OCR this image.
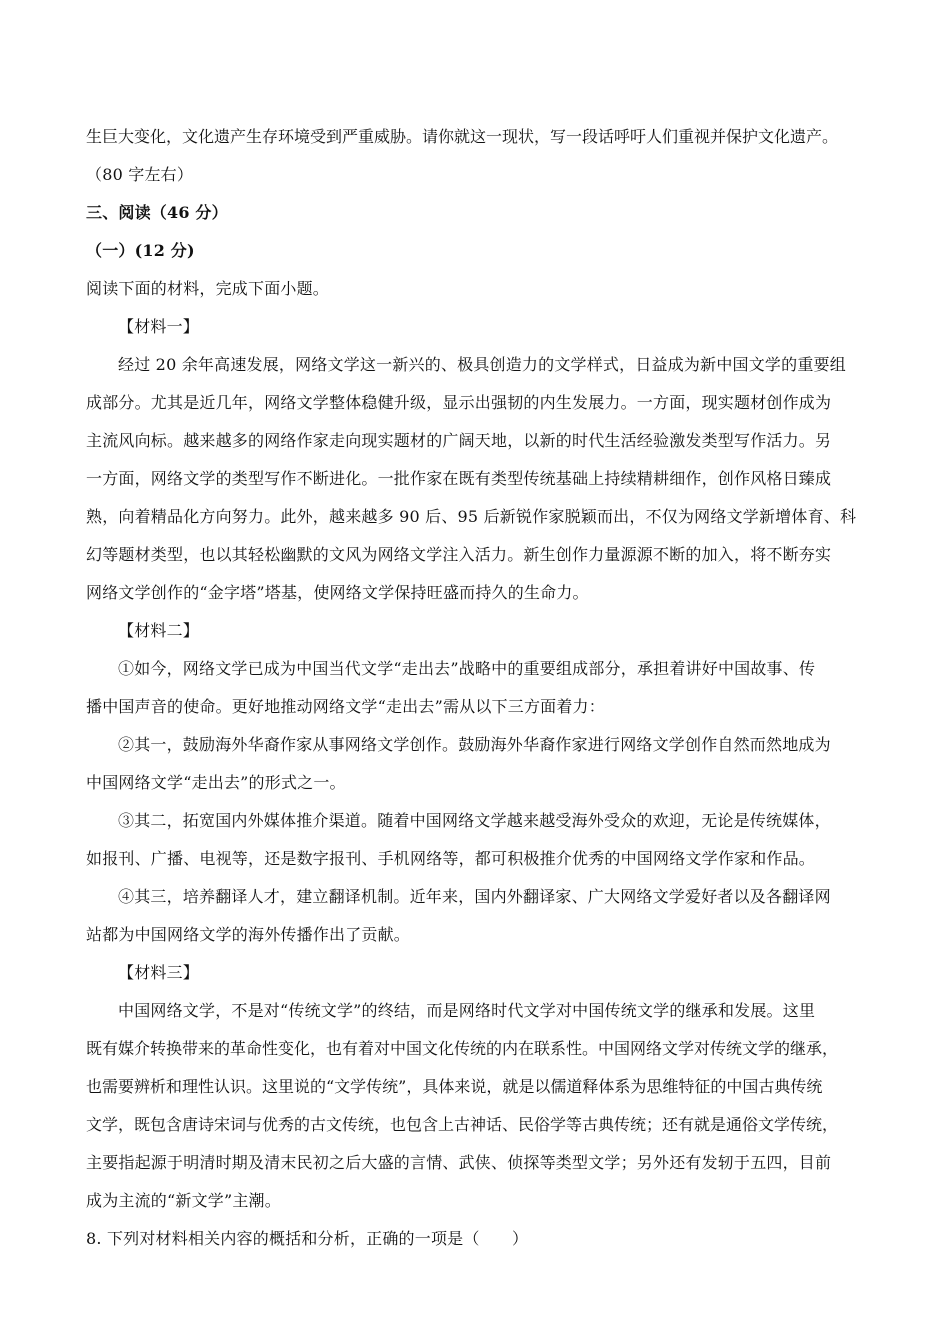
生巨大变化，文化遗产生存环境受到严重威胁。请你就这一现状，写一段话呼吁人们重视并保护文化遗产。
（80 字左右）
三、阅读（46 分）
（一）(12 分)
阅读下面的材料，完成下面小题。
【材料一】
经过 20 余年高速发展，网络文学这一新兴的、极具创造力的文学样式，日益成为新中国文学的重要组
成部分。尤其是近几年，网络文学整体稳健升级，显示出强韧的内生发展力。一方面，现实题材创作成为
主流风向标。越来越多的网络作家走向现实题材的广阔天地，以新的时代生活经验激发类型写作活力。另
一方面，网络文学的类型写作不断进化。一批作家在既有类型传统基础上持续精耕细作，创作风格日臻成
熟，向着精品化方向努力。此外，越来越多 90 后、95 后新锐作家脱颖而出，不仅为网络文学新增体育、科
幻等题材类型，也以其轻松幽默的文风为网络文学注入活力。新生创作力量源源不断的加入，将不断夯实
网络文学创作的“金字塔”塔基，使网络文学保持旺盛而持久的生命力。
【材料二】
①如今，网络文学已成为中国当代文学“走出去”战略中的重要组成部分，承担着讲好中国故事、传
播中国声音的使命。更好地推动网络文学“走出去”需从以下三方面着力：
②其一，鼓励海外华裔作家从事网络文学创作。鼓励海外华裔作家进行网络文学创作自然而然地成为
中国网络文学“走出去”的形式之一。
③其二，拓宽国内外媒体推介渠道。随着中国网络文学越来越受海外受众的欢迎，无论是传统媒体，
如报刊、广播、电视等，还是数字报刊、手机网络等，都可积极推介优秀的中国网络文学作家和作品。
④其三，培养翻译人才，建立翻译机制。近年来，国内外翻译家、广大网络文学爱好者以及各翻译网
站都为中国网络文学的海外传播作出了贡献。
【材料三】
中国网络文学，不是对“传统文学”的终结，而是网络时代文学对中国传统文学的继承和发展。这里
既有媒介转换带来的革命性变化，也有着对中国文化传统的内在联系性。中国网络文学对传统文学的继承，
也需要辨析和理性认识。这里说的“文学传统”，具体来说，就是以儒道释体系为思维特征的中国古典传统
文学，既包含唐诗宋词与优秀的古文传统，也包含上古神话、民俗学等古典传统；还有就是通俗文学传统，
主要指起源于明清时期及清末民初之后大盛的言情、武侠、侦探等类型文学；另外还有发轫于五四，目前
成为主流的“新文学”主潮。
8. 下列对材料相关内容的概括和分析，正确的一项是（　　）
